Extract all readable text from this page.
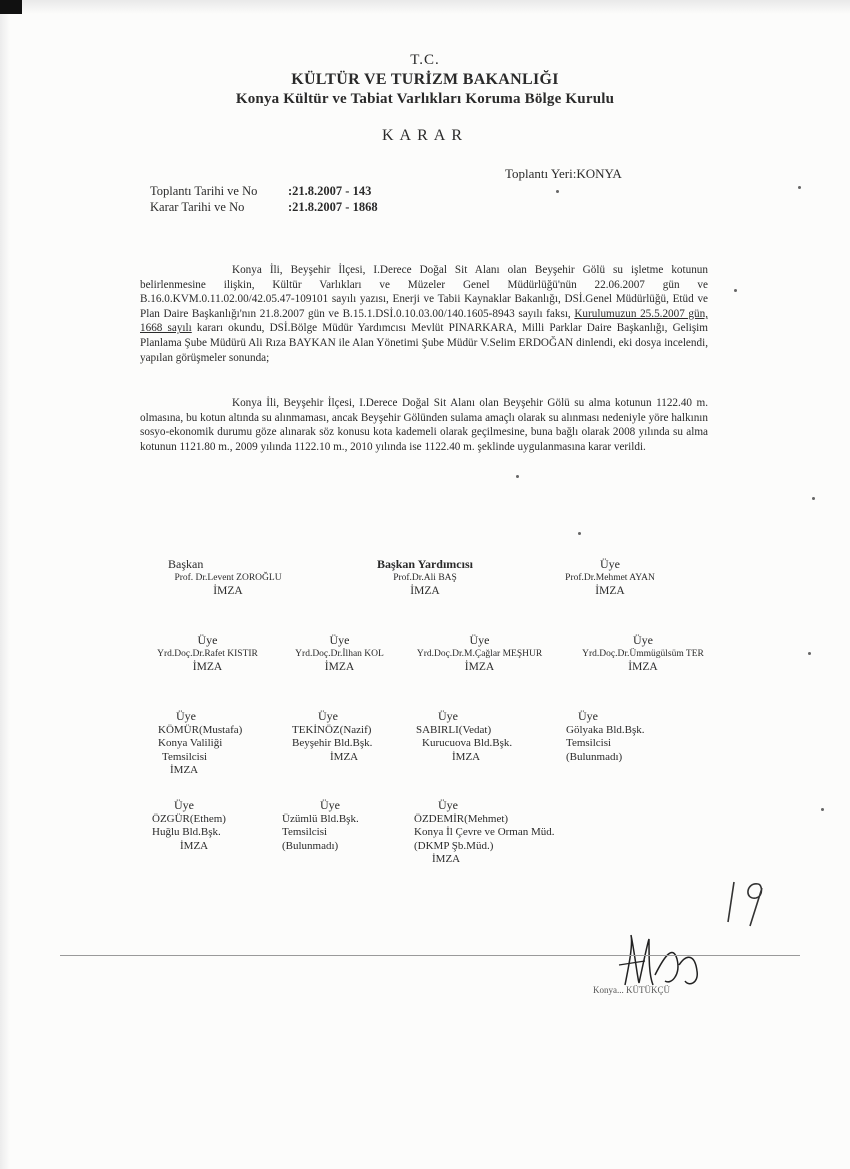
T.C.
KÜLTÜR VE TURİZM BAKANLIĞI
Konya Kültür ve Tabiat Varlıkları Koruma Bölge Kurulu
KARAR
Toplantı Yeri:KONYA
Toplantı Tarihi ve No :21.8.2007 - 143
Karar Tarihi ve No	:21.8.2007 - 1868

Konya İli, Beyşehir İlçesi, I.Derece Doğal Sit Alanı olan Beyşehir Gölü su işletme kotunun belirlenmesine ilişkin, Kültür Varlıkları ve Müzeler Genel Müdürlüğü'nün 22.06.2007 gün ve B.16.0.KVM.0.11.02.00/42.05.47-109101 sayılı yazısı, Enerji ve Tabii Kaynaklar Bakanlığı, DSİ.Genel Müdürlüğü, Etüd ve Plan Daire Başkanlığı'nın 21.8.2007 gün ve B.15.1.DSİ.0.10.03.00/140.1605-8943 sayılı faksı, Kurulumuzun 25.5.2007 gün, 1668 sayılı kararı okundu, DSİ.Bölge Müdür Yardımcısı Mevlüt PINARKARA, Milli Parklar Daire Başkanlığı, Gelişim Planlama Şube Müdürü Ali Rıza BAYKAN ile Alan Yönetimi Şube Müdür V.Selim ERDOĞAN dinlendi, eki dosya incelendi, yapılan görüşmeler sonunda;

Konya İli, Beyşehir İlçesi, I.Derece Doğal Sit Alanı olan Beyşehir Gölü su alma kotunun 1122.40 m. olmasına, bu kotun altında su alınmaması, ancak Beyşehir Gölünden sulama amaçlı olarak su alınması nedeniyle yöre halkının sosyo-ekonomik durumu göze alınarak söz konusu kota kademeli olarak geçilmesine, buna bağlı olarak 2008 yılında su alma kotunun 1121.80 m., 2009 yılında 1122.10 m., 2010 yılında ise 1122.40 m. şeklinde uygulanmasına karar verildi.

Başkan
Prof. Dr.Levent ZOROĞLU
İMZA
Başkan Yardımcısı
Prof.Dr.Ali BAŞ
İMZA
Üye
Prof.Dr.Mehmet AYAN
İMZA
Üye
Yrd.Doç.Dr.Rafet KISTIR
İMZA
Üye
Yrd.Doç.Dr.İlhan KOL
İMZA
Üye
Yrd.Doç.Dr.M.Çağlar MEŞHUR
İMZA
Üye
Yrd.Doç.Dr.Ümmügülsüm TER
İMZA
Üye
KÖMÜR(Mustafa)
Konya Valiliği
Temsilcisi
İMZA
Üye
TEKİNÖZ(Nazif)
Beyşehir Bld.Bşk.
İMZA
Üye
SABIRLI(Vedat)
Kurucuova Bld.Bşk.
İMZA
Üye
Gölyaka Bld.Bşk.
Temsilcisi
(Bulunmadı)
Üye
ÖZGÜR(Ethem)
Huğlu Bld.Bşk.
İMZA
Üye
Üzümlü Bld.Bşk.
Temsilcisi
(Bulunmadı)
Üye
ÖZDEMİR(Mehmet)
Konya İl Çevre ve Orman Müd.
(DKMP Şb.Müd.)
İMZA
Konya... KÜTÜKÇÜ
